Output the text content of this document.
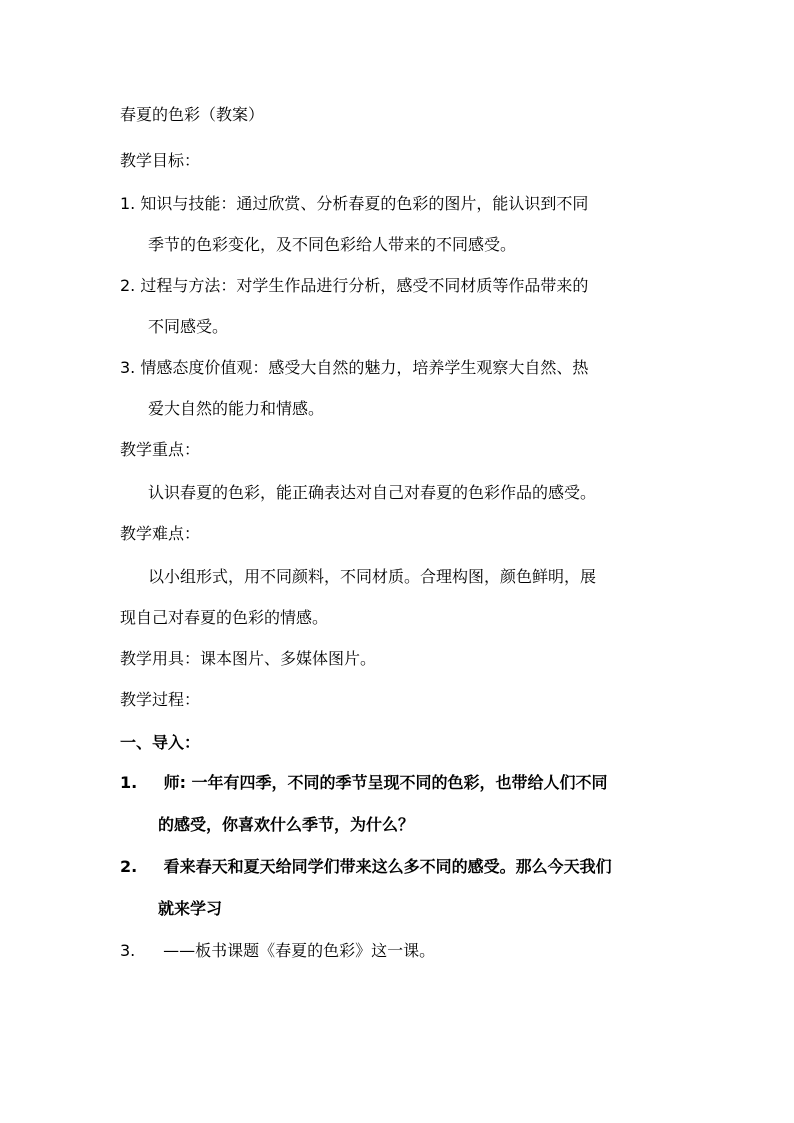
春夏的色彩（教案）
教学目标：
1. 知识与技能：通过欣赏、分析春夏的色彩的图片，能认识到不同
季节的色彩变化，及不同色彩给人带来的不同感受。
2. 过程与方法：对学生作品进行分析，感受不同材质等作品带来的
不同感受。
3. 情感态度价值观：感受大自然的魅力，培养学生观察大自然、热
爱大自然的能力和情感。
教学重点：
认识春夏的色彩，能正确表达对自己对春夏的色彩作品的感受。
教学难点：
以小组形式，用不同颜料，不同材质。合理构图，颜色鲜明，展
现自己对春夏的色彩的情感。
教学用具：课本图片、多媒体图片。
教学过程：
一、导入：
1. 师: 一年有四季，不同的季节呈现不同的色彩，也带给人们不同
的感受，你喜欢什么季节，为什么？
2. 看来春天和夏天给同学们带来这么多不同的感受。那么今天我们
就来学习
3. ——板书课题《春夏的色彩》这一课。
